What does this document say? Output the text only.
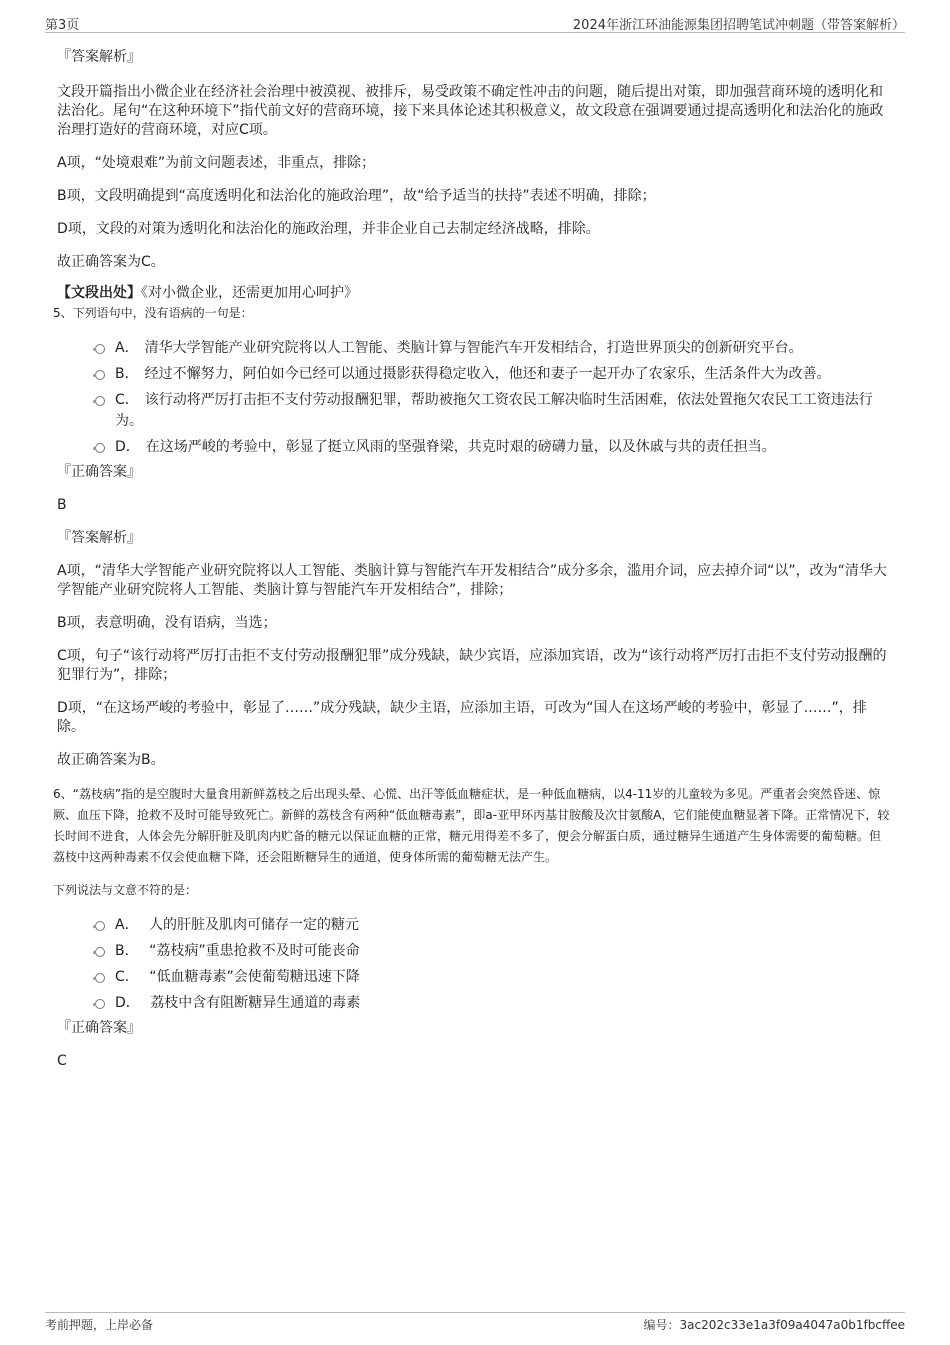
第3页	2024年浙江环油能源集团招聘笔试冲刺题（带答案解析）

『答案解析』

文段开篇指出小微企业在经济社会治理中被漠视、被排斥，易受政策不确定性冲击的问题，随后提出对策，即加强营商环境的透明化和法治化。尾句“在这种环境下”指代前文好的营商环境，接下来具体论述其积极意义，故文段意在强调要通过提高透明化和法治化的施政治理打造好的营商环境，对应C项。

A项，“处境艰难”为前文问题表述，非重点，排除；

B项，文段明确提到“高度透明化和法治化的施政治理”，故“给予适当的扶持”表述不明确，排除；

D项，文段的对策为透明化和法治化的施政治理，并非企业自己去制定经济战略，排除。

故正确答案为C。

【文段出处】《对小微企业，还需更加用心呵护》

5、下列语句中，没有语病的一句是：

A． 清华大学智能产业研究院将以人工智能、类脑计算与智能汽车开发相结合，打造世界顶尖的创新研究平台。
B． 经过不懈努力，阿伯如今已经可以通过摄影获得稳定收入，他还和妻子一起开办了农家乐，生活条件大为改善。
C． 该行动将严厉打击拒不支付劳动报酬犯罪，帮助被拖欠工资农民工解决临时生活困难，依法处置拖欠农民工工资违法行为。
D． 在这场严峻的考验中，彰显了挺立风雨的坚强脊梁，共克时艰的磅礴力量，以及休戚与共的责任担当。

『正确答案』

B

『答案解析』

A项，“清华大学智能产业研究院将以人工智能、类脑计算与智能汽车开发相结合”成分多余，滥用介词，应去掉介词“以”，改为“清华大学智能产业研究院将人工智能、类脑计算与智能汽车开发相结合”，排除；

B项，表意明确，没有语病，当选；

C项，句子“该行动将严厉打击拒不支付劳动报酬犯罪”成分残缺，缺少宾语，应添加宾语，改为“该行动将严厉打击拒不支付劳动报酬的犯罪行为”，排除；

D项，“在这场严峻的考验中，彰显了……”成分残缺，缺少主语，应添加主语，可改为“国人在这场严峻的考验中，彰显了……”，排除。

故正确答案为B。

6、“荔枝病”指的是空腹时大量食用新鲜荔枝之后出现头晕、心慌、出汗等低血糖症状，是一种低血糖病，以4-11岁的儿童较为多见。严重者会突然昏迷、惊厥、血压下降，抢救不及时可能导致死亡。新鲜的荔枝含有两种“低血糖毒素”，即a-亚甲环丙基甘胺酸及次甘氨酸A，它们能使血糖显著下降。正常情况下，较长时间不进食，人体会先分解肝脏及肌肉内贮备的糖元以保证血糖的正常，糖元用得差不多了，便会分解蛋白质，通过糖异生通道产生身体需要的葡萄糖。但荔枝中这两种毒素不仅会使血糖下降，还会阻断糖异生的通道，使身体所需的葡萄糖无法产生。

下列说法与文意不符的是：

A． 人的肝脏及肌肉可储存一定的糖元
B． “荔枝病”重患抢救不及时可能丧命
C． “低血糖毒素”会使葡萄糖迅速下降
D． 荔枝中含有阻断糖异生通道的毒素

『正确答案』

C

考前押题，上岸必备	编号：3ac202c33e1a3f09a4047a0b1fbcffee
